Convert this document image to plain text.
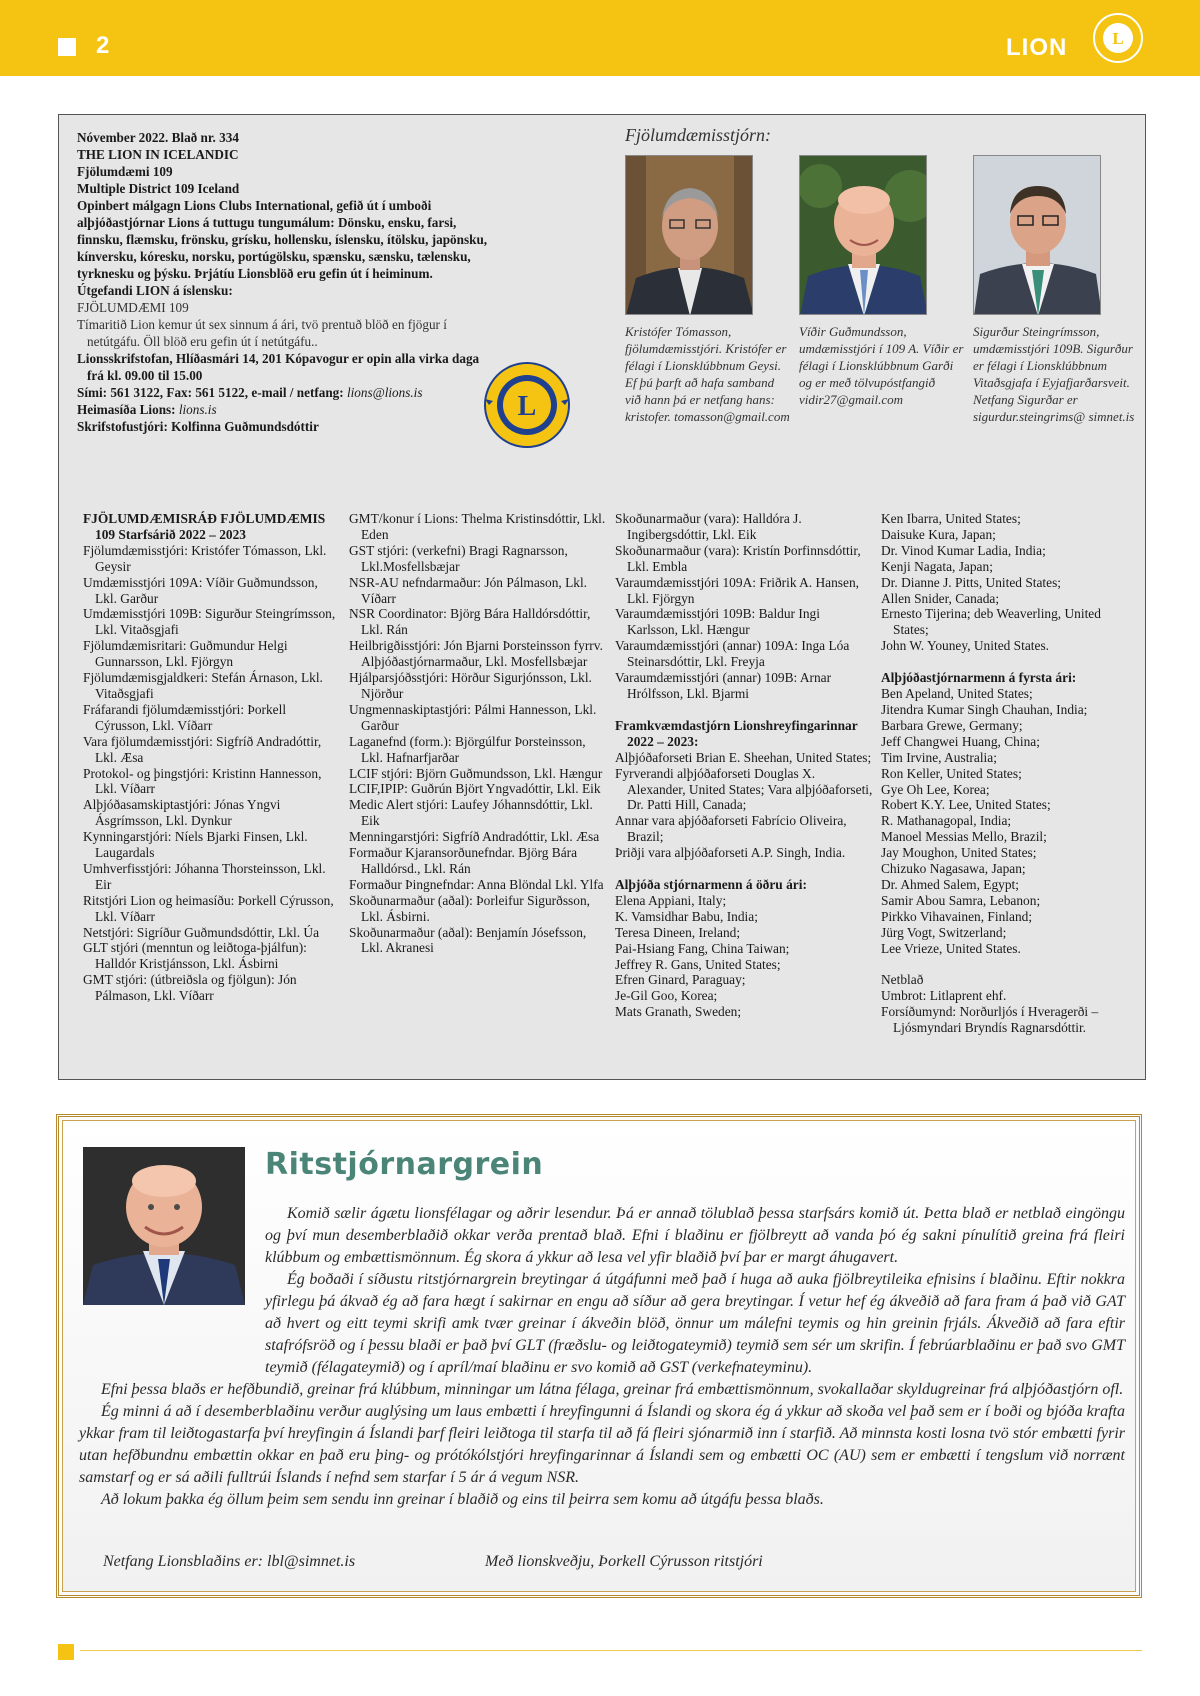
2	LION	L
Nóvember 2022. Blað nr. 334
THE LION IN ICELANDIC
Fjölumdæmi 109
Multiple District 109 Iceland
Opinbert málgagn Lions Clubs International, gefið út í umboði alþjóðastjórnar Lions á tuttugu tungumálum: Dönsku, ensku, farsi, finnsku, flæmsku, frönsku, grísku, hollensku, íslensku, ítölsku, japönsku, kínversku, kóresku, norsku, portúgölsku, spænsku, sænsku, tælensku, tyrknesku og þýsku. Þrjátíu Lionsblöð eru gefin út í heiminum.
Útgefandi LION á íslensku:
FJÖLUMDÆMI 109
Tímaritið Lion kemur út sex sinnum á ári, tvö prentuð blöð en fjögur í netútgáfu. Öll blöð eru gefin út í netútgáfu..
Lionsskrifstofan, Hlíðasmári 14, 201 Kópavogur er opin alla virka daga frá kl. 09.00 til 15.00
Sími: 561 3122, Fax: 561 5122, e-mail / netfang: lions@lions.is
Heimasíða Lions: lions.is
Skrifstofustjóri: Kolfinna Guðmundsdóttir
L
Fjölumdæmisstjórn:
Kristófer Tómasson, fjölumdæmisstjóri. Kristófer er félagi í Lionsklúbbnum Geysi. Ef þú þarft að hafa samband við hann þá er netfang hans: kristofer. tomasson@gmail.com
Víðir Guðmundsson, umdæmisstjóri í 109 A. Víðir er félagi í Lionsklúbbnum Garði og er með tölvupóstfangið vidir27@gmail.com
Sigurður Steingrímsson, umdæmisstjóri 109B. Sigurður er félagi í Lionsklúbbnum Vitaðsgjafa í Eyjafjarðarsveit. Netfang Sigurðar er sigurdur.steingrims@ simnet.is

FJÖLUMDÆMISRÁÐ FJÖLUMDÆMIS 109 Starfsárið 2022 – 2023

Fjölumdæmisstjóri: Kristófer Tómasson, Lkl. Geysir

Umdæmisstjóri 109A: Víðir Guðmundsson, Lkl. Garður

Umdæmisstjóri 109B: Sigurður Steingrímsson, Lkl. Vitaðsgjafi

Fjölumdæmisritari: Guðmundur Helgi Gunnarsson, Lkl. Fjörgyn

Fjölumdæmisgjaldkeri: Stefán Árnason, Lkl. Vitaðsgjafi

Fráfarandi fjölumdæmisstjóri: Þorkell Cýrusson, Lkl. Víðarr

Vara fjölumdæmisstjóri: Sigfríð Andradóttir, Lkl. Æsa

Protokol- og þingstjóri: Kristinn Hannesson, Lkl. Víðarr

Alþjóðasamskiptastjóri: Jónas Yngvi Ásgrímsson, Lkl. Dynkur

Kynningarstjóri: Níels Bjarki Finsen, Lkl. Laugardals

Umhverfisstjóri: Jóhanna Thorsteinsson, Lkl. Eir

Ritstjóri Lion og heimasíðu: Þorkell Cýrusson, Lkl. Víðarr

Netstjóri: Sigríður Guðmundsdóttir, Lkl. Úa

GLT stjóri (menntun og leiðtoga-þjálfun): Halldór Kristjánsson, Lkl. Ásbirni

GMT stjóri: (útbreiðsla og fjölgun): Jón Pálmason, Lkl. Víðarr

GMT/konur í Lions: Thelma Kristinsdóttir, Lkl. Eden

GST stjóri: (verkefni) Bragi Ragnarsson, Lkl.Mosfellsbæjar

NSR-AU nefndarmaður: Jón Pálmason, Lkl. Víðarr

NSR Coordinator: Björg Bára Halldórsdóttir, Lkl. Rán

Heilbrigðisstjóri: Jón Bjarni Þorsteinsson fyrrv. Alþjóðastjórnarmaður, Lkl. Mosfellsbæjar

Hjálparsjóðsstjóri: Hörður Sigurjónsson, Lkl. Njörður

Ungmennaskiptastjóri: Pálmi Hannesson, Lkl. Garður

Laganefnd (form.): Björgúlfur Þorsteinsson, Lkl. Hafnarfjarðar

LCIF stjóri: Björn Guðmundsson, Lkl. Hængur

LCIF,IPIP: Guðrún Björt Yngvadóttir, Lkl. Eik

Medic Alert stjóri: Laufey Jóhannsdóttir, Lkl. Eik

Menningarstjóri: Sigfríð Andradóttir, Lkl. Æsa

Formaður Kjaransorðunefndar. Björg Bára Halldórsd., Lkl. Rán

Formaður Þingnefndar: Anna Blöndal Lkl. Ylfa

Skoðunarmaður (aðal): Þorleifur Sigurðsson, Lkl. Ásbirni.

Skoðunarmaður (aðal): Benjamín Jósefsson, Lkl. Akranesi

Skoðunarmaður (vara): Halldóra J. Ingibergsdóttir, Lkl. Eik

Skoðunarmaður (vara): Kristín Þorfinnsdóttir, Lkl. Embla

Varaumdæmisstjóri 109A: Friðrik A. Hansen, Lkl. Fjörgyn

Varaumdæmisstjóri 109B: Baldur Ingi Karlsson, Lkl. Hængur

Varaumdæmisstjóri (annar) 109A: Inga Lóa Steinarsdóttir, Lkl. Freyja

Varaumdæmisstjóri (annar) 109B: Arnar Hrólfsson, Lkl. Bjarmi

Framkvæmdastjórn Lionshreyfingarinnar 2022 – 2023:

Alþjóðaforseti Brian E. Sheehan, United States;

Fyrverandi alþjóðaforseti Douglas X. Alexander, United States; Vara alþjóðaforseti, Dr. Patti Hill, Canada;

Annar vara aþjóðaforseti Fabrício Oliveira, Brazil;

Þriðji vara alþjóðaforseti A.P. Singh, India.

Alþjóða stjórnarmenn á öðru ári:

Elena Appiani, Italy;

K. Vamsidhar Babu, India;

Teresa Dineen, Ireland;

Pai-Hsiang Fang, China Taiwan;

Jeffrey R. Gans, United States;

Efren Ginard, Paraguay;

Je-Gil Goo, Korea;

Mats Granath, Sweden;

Ken Ibarra, United States;

Daisuke Kura, Japan;

Dr. Vinod Kumar Ladia, India;

Kenji Nagata, Japan;

Dr. Dianne J. Pitts, United States;

Allen Snider, Canada;

Ernesto Tijerina; deb Weaverling, United States;

John W. Youney, United States.

Alþjóðastjórnarmenn á fyrsta ári:

Ben Apeland, United States;

Jitendra Kumar Singh Chauhan, India;

Barbara Grewe, Germany;

Jeff Changwei Huang, China;

Tim Irvine, Australia;

Ron Keller, United States;

Gye Oh Lee, Korea;

Robert K.Y. Lee, United States;

R. Mathanagopal, India;

Manoel Messias Mello, Brazil;

Jay Moughon, United States;

Chizuko Nagasawa, Japan;

Dr. Ahmed Salem, Egypt;

Samir Abou Samra, Lebanon;

Pirkko Vihavainen, Finland;

Jürg Vogt, Switzerland;

Lee Vrieze, United States.

Netblað

Umbrot: Litlaprent ehf.

Forsíðumynd: Norðurljós í Hveragerði – Ljósmyndari Bryndís Ragnarsdóttir.

Ritstjórnargrein

Komið sælir ágætu lionsfélagar og aðrir lesendur. Þá er annað tölublað þessa starfsárs komið út. Þetta blað er netblað eingöngu og því mun desemberblaðið okkar verða prentað blað. Efni í blaðinu er fjölbreytt að vanda þó ég sakni pínulítið greina frá fleiri klúbbum og embættismönnum. Ég skora á ykkur að lesa vel yfir blaðið því þar er margt áhugavert.

Ég boðaði í síðustu ritstjórnargrein breytingar á útgáfunni með það í huga að auka fjölbreytileika efnisins í blaðinu. Eftir nokkra yfirlegu þá ákvað ég að fara hægt í sakirnar en engu að síður að gera breytingar. Í vetur hef ég ákveðið að fara fram á það við GAT að hvert og eitt teymi skrifi amk tvær greinar í ákveðin blöð, önnur um málefni teymis og hin greinin frjáls. Ákveðið að fara eftir stafrófsröð og í þessu blaði er það því GLT (fræðslu- og leiðtogateymið) teymið sem sér um skrifin. Í febrúarblaðinu er það svo GMT teymið (félagateymið) og í apríl/maí blaðinu er svo komið að GST (verkefnateyminu).

Efni þessa blaðs er hefðbundið, greinar frá klúbbum, minningar um látna félaga, greinar frá embættismönnum, svokallaðar skyldugreinar frá alþjóðastjórn ofl.

Ég minni á að í desemberblaðinu verður auglýsing um laus embætti í hreyfingunni á Íslandi og skora ég á ykkur að skoða vel það sem er í boði og bjóða krafta ykkar fram til leiðtogastarfa því hreyfingin á Íslandi þarf fleiri leiðtoga til starfa til að fá fleiri sjónarmið inn í starfið. Að minnsta kosti losna tvö stór embætti fyrir utan hefðbundnu embættin okkar en það eru þing- og prótókólstjóri hreyfingarinnar á Íslandi sem og embætti OC (AU) sem er embætti í tengslum við norrænt samstarf og er sá aðili fulltrúi Íslands í nefnd sem starfar í 5 ár á vegum NSR.

Að lokum þakka ég öllum þeim sem sendu inn greinar í blaðið og eins til þeirra sem komu að útgáfu þessa blaðs.

Netfang Lionsblaðins er: lbl@simnet.is	Með lionskveðju, Þorkell Cýrusson ritstjóri
